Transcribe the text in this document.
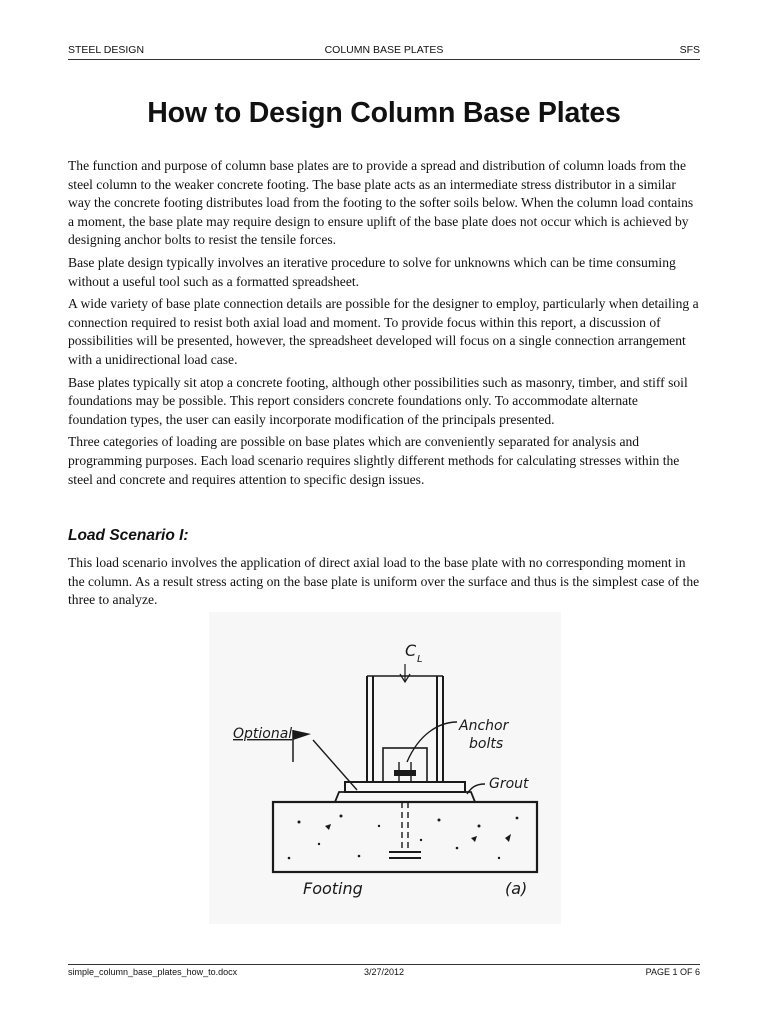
STEEL DESIGN	COLUMN BASE PLATES	SFS
How to Design Column Base Plates

The function and purpose of column base plates are to provide a spread and distribution of column loads from the steel column to the weaker concrete footing. The base plate acts as an intermediate stress distributor in a similar way the concrete footing distributes load from the footing to the softer soils below. When the column load contains a moment, the base plate may require design to ensure uplift of the base plate does not occur which is achieved by designing anchor bolts to resist the tensile forces.

Base plate design typically involves an iterative procedure to solve for unknowns which can be time consuming without a useful tool such as a formatted spreadsheet.

A wide variety of base plate connection details are possible for the designer to employ, particularly when detailing a connection required to resist both axial load and moment. To provide focus within this report, a discussion of possibilities will be presented, however, the spreadsheet developed will focus on a single connection arrangement with a unidirectional load case.

Base plates typically sit atop a concrete footing, although other possibilities such as masonry, timber, and stiff soil foundations may be possible. This report considers concrete foundations only. To accommodate alternate foundation types, the user can easily incorporate modification of the principals presented.

Three categories of loading are possible on base plates which are conveniently separated for analysis and programming purposes. Each load scenario requires slightly different methods for calculating stresses within the steel and concrete and requires attention to specific design issues.

Load Scenario I:

This load scenario involves the application of direct axial load to the base plate with no corresponding moment in the column. As a result stress acting on the base plate is uniform over the surface and thus is the simplest case of the three to analyze.

C L
Optional	Anchor
bolts
Grout
Footing	(a)
simple_column_base_plates_how_to.docx	3/27/2012	PAGE 1 OF 6
